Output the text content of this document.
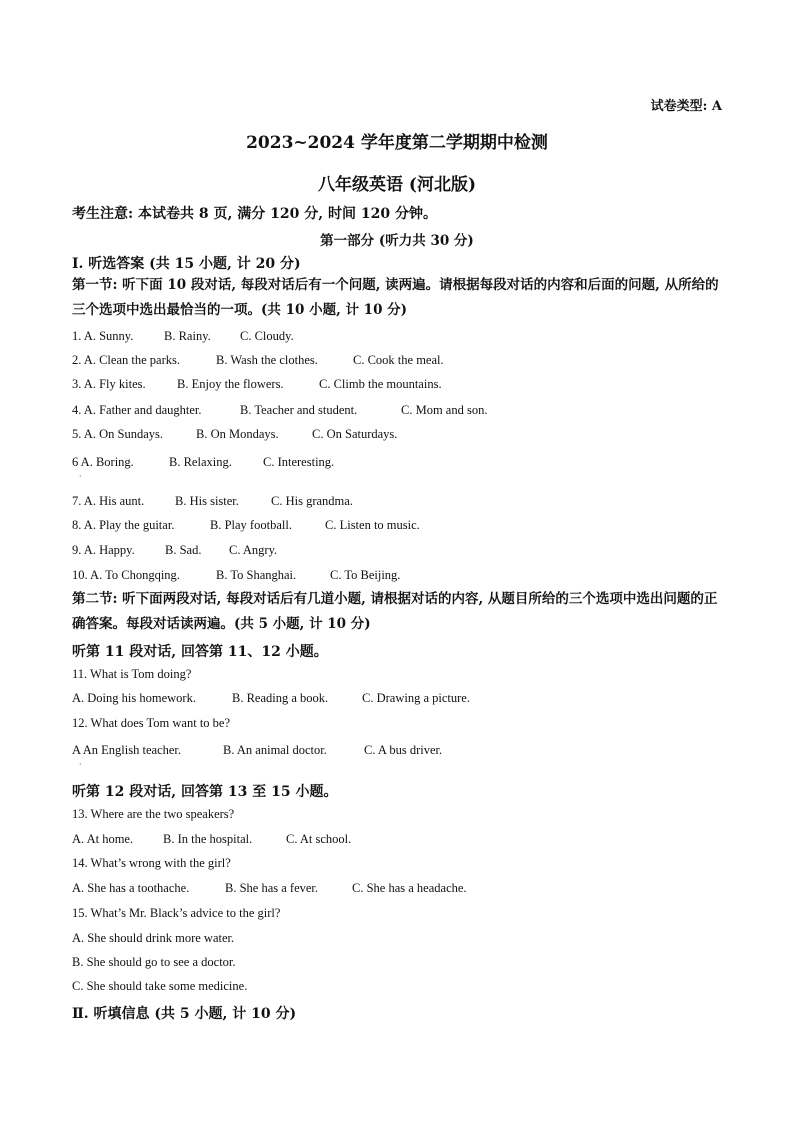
试卷类型: A
2023~2024 学年度第二学期期中检测
八年级英语 (河北版)
考生注意: 本试卷共 8 页, 满分 120 分, 时间 120 分钟。
第一部分 (听力共 30 分)
I. 听选答案 (共 15 小题, 计 20 分)
第一节: 听下面 10 段对话, 每段对话后有一个问题, 读两遍。请根据每段对话的内容和后面的问题, 从所给的三个选项中选出最恰当的一项。(共 10 小题, 计 10 分)
1. A. Sunny. B. Rainy. C. Cloudy.
2. A. Clean the parks.	B. Wash the clothes.	C. Cook the meal.
3. A. Fly kites.	B. Enjoy the flowers.	C. Climb the mountains.
4. A. Father and daughter.	B. Teacher and student.	C. Mom and son.
5. A. On Sundays.	B. On Mondays.	C. On Saturdays.
6 A. Boring.	B. Relaxing. C. Interesting.
·
7. A. His aunt. B. His sister.	C. His grandma.
8. A. Play the guitar.	B. Play football.	C. Listen to music.
9. A. Happy. B. Sad. C. Angry.
10. A. To Chongqing.	B. To Shanghai.	C. To Beijing.
第二节: 听下面两段对话, 每段对话后有几道小题, 请根据对话的内容, 从题目所给的三个选项中选出问题的正确答案。每段对话读两遍。(共 5 小题, 计 10 分)
听第 11 段对话, 回答第 11、12 小题。
11. What is Tom doing?
A. Doing his homework.	B. Reading a book.	C. Drawing a picture.
12. What does Tom want to be?
A An English teacher.	B. An animal doctor.	C. A bus driver.
·
听第 12 段对话, 回答第 13 至 15 小题。
13. Where are the two speakers?
A. At home. B. In the hospital.	C. At school.
14. What’s wrong with the girl?
A. She has a toothache.	B. She has a fever.	C. She has a headache.
15. What’s Mr. Black’s advice to the girl?
A. She should drink more water.
B. She should go to see a doctor.
C. She should take some medicine.
Ⅱ. 听填信息 (共 5 小题, 计 10 分)
